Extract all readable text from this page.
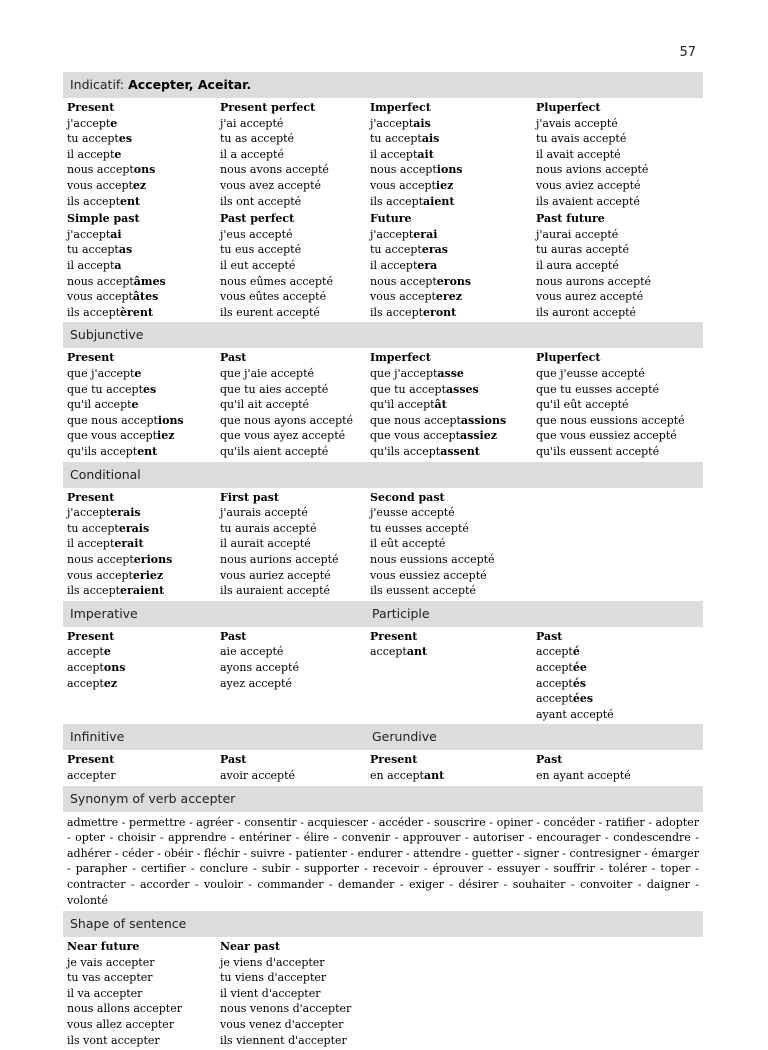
57
Indicatif: Accepter, Aceitar.
Present
j'accepte
tu acceptes
il accepte
nous acceptons
vous acceptez
ils acceptent
Present perfect
j'ai accepté
tu as accepté
il a accepté
nous avons accepté
vous avez accepté
ils ont accepté
Imperfect
j'acceptais
tu acceptais
il acceptait
nous acceptions
vous acceptiez
ils acceptaient
Pluperfect
j'avais accepté
tu avais accepté
il avait accepté
nous avions accepté
vous aviez accepté
ils avaient accepté
Simple past
j'acceptai
tu acceptas
il accepta
nous acceptâmes
vous acceptâtes
ils acceptèrent
Past perfect
j'eus accepté
tu eus accepté
il eut accepté
nous eûmes accepté
vous eûtes accepté
ils eurent accepté
Future
j'accepterai
tu accepteras
il acceptera
nous accepterons
vous accepterez
ils accepteront
Past future
j'aurai accepté
tu auras accepté
il aura accepté
nous aurons accepté
vous aurez accepté
ils auront accepté
Subjunctive
Present
que j'accepte
que tu acceptes
qu'il accepte
que nous acceptions
que vous acceptiez
qu'ils acceptent
Past
que j'aie accepté
que tu aies accepté
qu'il ait accepté
que nous ayons accepté
que vous ayez accepté
qu'ils aient accepté
Imperfect
que j'acceptasse
que tu acceptasses
qu'il acceptât
que nous acceptassions
que vous acceptassiez
qu'ils acceptassent
Pluperfect
que j'eusse accepté
que tu eusses accepté
qu'il eût accepté
que nous eussions accepté
que vous eussiez accepté
qu'ils eussent accepté
Conditional
Present
j'accepterais
tu accepterais
il accepterait
nous accepterions
vous accepteriez
ils accepteraient
First past
j'aurais accepté
tu aurais accepté
il aurait accepté
nous aurions accepté
vous auriez accepté
ils auraient accepté
Second past
j'eusse accepté
tu eusses accepté
il eût accepté
nous eussions accepté
vous eussiez accepté
ils eussent accepté
Imperative	Participle
Present
accepte
acceptons
acceptez
Past
aie accepté
ayons accepté
ayez accepté
Present
acceptant
Past
accepté
acceptée
acceptés
acceptées
ayant accepté
Infinitive	Gerundive
Present
accepter
Past
avoir accepté
Present
en acceptant
Past
en ayant accepté
Synonym of verb accepter
admettre - permettre - agréer - consentir - acquiescer - accéder - souscrire - opiner - concéder - ratifier - adopter - opter - choisir - apprendre - entériner - élire - convenir - approuver - autoriser - encourager - condescendre - adhérer - céder - obéir - fléchir - suivre - patienter - endurer - attendre - guetter - signer - contresigner - émarger - parapher - certifier - conclure - subir - supporter - recevoir - éprouver - essuyer - souffrir - tolérer - toper - contracter - accorder - vouloir - commander - demander - exiger - désirer - souhaiter - convoiter - daigner - volonté
Shape of sentence
Near future
je vais accepter
tu vas accepter
il va accepter
nous allons accepter
vous allez accepter
ils vont accepter
Near past
je viens d'accepter
tu viens d'accepter
il vient d'accepter
nous venons d'accepter
vous venez d'accepter
ils viennent d'accepter
